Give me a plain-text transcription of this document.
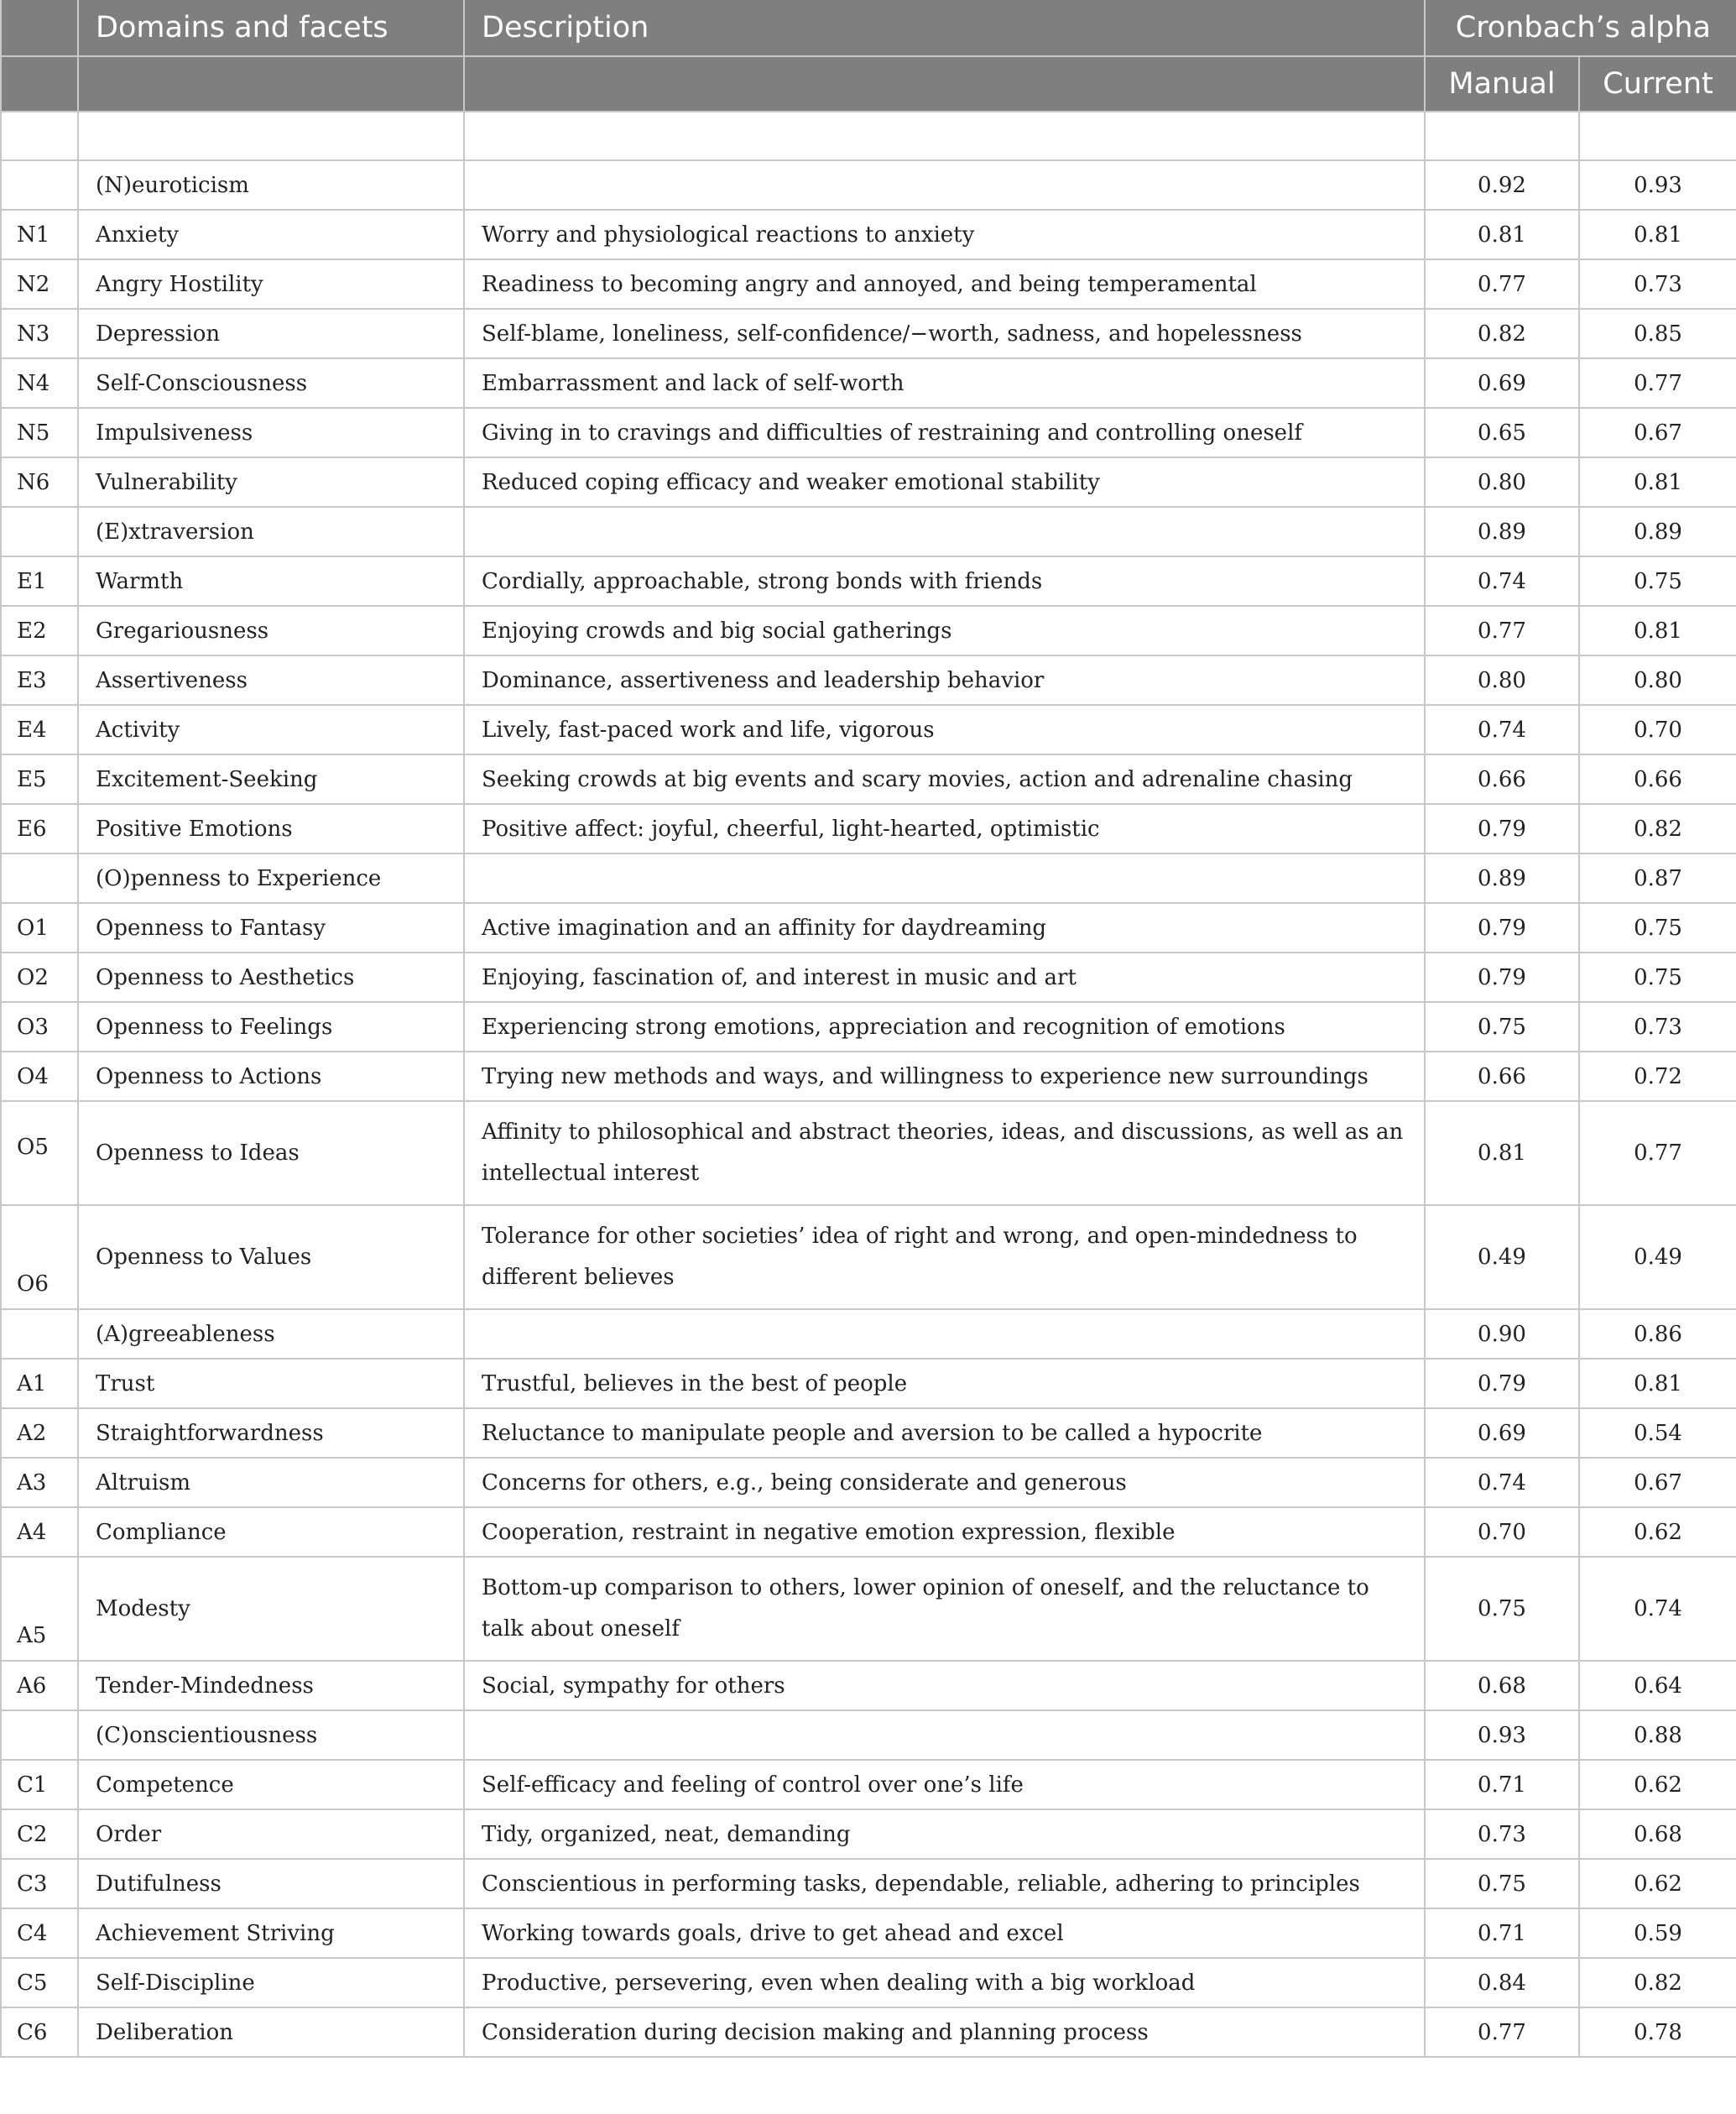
	Domains and facets	Description	Cronbach’s alpha	
			Manual	Current

	(N)euroticism		0.92	0.93
N1	Anxiety	Worry and physiological reactions to anxiety	0.81	0.81
N2	Angry Hostility	Readiness to becoming angry and annoyed, and being temperamental	0.77	0.73
N3	Depression	Self-blame, loneliness, self-confidence/−worth, sadness, and hopelessness	0.82	0.85
N4	Self-Consciousness	Embarrassment and lack of self-worth	0.69	0.77
N5	Impulsiveness	Giving in to cravings and difficulties of restraining and controlling oneself	0.65	0.67
N6	Vulnerability	Reduced coping efficacy and weaker emotional stability	0.80	0.81
	(E)xtraversion		0.89	0.89
E1	Warmth	Cordially, approachable, strong bonds with friends	0.74	0.75
E2	Gregariousness	Enjoying crowds and big social gatherings	0.77	0.81
E3	Assertiveness	Dominance, assertiveness and leadership behavior	0.80	0.80
E4	Activity	Lively, fast-paced work and life, vigorous	0.74	0.70
E5	Excitement-Seeking	Seeking crowds at big events and scary movies, action and adrenaline chasing	0.66	0.66
E6	Positive Emotions	Positive affect: joyful, cheerful, light-hearted, optimistic	0.79	0.82
	(O)penness to Experience		0.89	0.87
O1	Openness to Fantasy	Active imagination and an affinity for daydreaming	0.79	0.75
O2	Openness to Aesthetics	Enjoying, fascination of, and interest in music and art	0.79	0.75
O3	Openness to Feelings	Experiencing strong emotions, appreciation and recognition of emotions	0.75	0.73
O4	Openness to Actions	Trying new methods and ways, and willingness to experience new surroundings	0.66	0.72
O5	Openness to Ideas	Affinity to philosophical and abstract theories, ideas, and discussions, as well as an intellectual interest	0.81	0.77
O6	Openness to Values	Tolerance for other societies’ idea of right and wrong, and open-mindedness to different believes	0.49	0.49
	(A)greeableness		0.90	0.86
A1	Trust	Trustful, believes in the best of people	0.79	0.81
A2	Straightforwardness	Reluctance to manipulate people and aversion to be called a hypocrite	0.69	0.54
A3	Altruism	Concerns for others, e.g., being considerate and generous	0.74	0.67
A4	Compliance	Cooperation, restraint in negative emotion expression, flexible	0.70	0.62
A5	Modesty	Bottom-up comparison to others, lower opinion of oneself, and the reluctance to talk about oneself	0.75	0.74
A6	Tender-Mindedness	Social, sympathy for others	0.68	0.64
	(C)onscientiousness		0.93	0.88
C1	Competence	Self-efficacy and feeling of control over one’s life	0.71	0.62
C2	Order	Tidy, organized, neat, demanding	0.73	0.68
C3	Dutifulness	Conscientious in performing tasks, dependable, reliable, adhering to principles	0.75	0.62
C4	Achievement Striving	Working towards goals, drive to get ahead and excel	0.71	0.59
C5	Self-Discipline	Productive, persevering, even when dealing with a big workload	0.84	0.82
C6	Deliberation	Consideration during decision making and planning process	0.77	0.78
